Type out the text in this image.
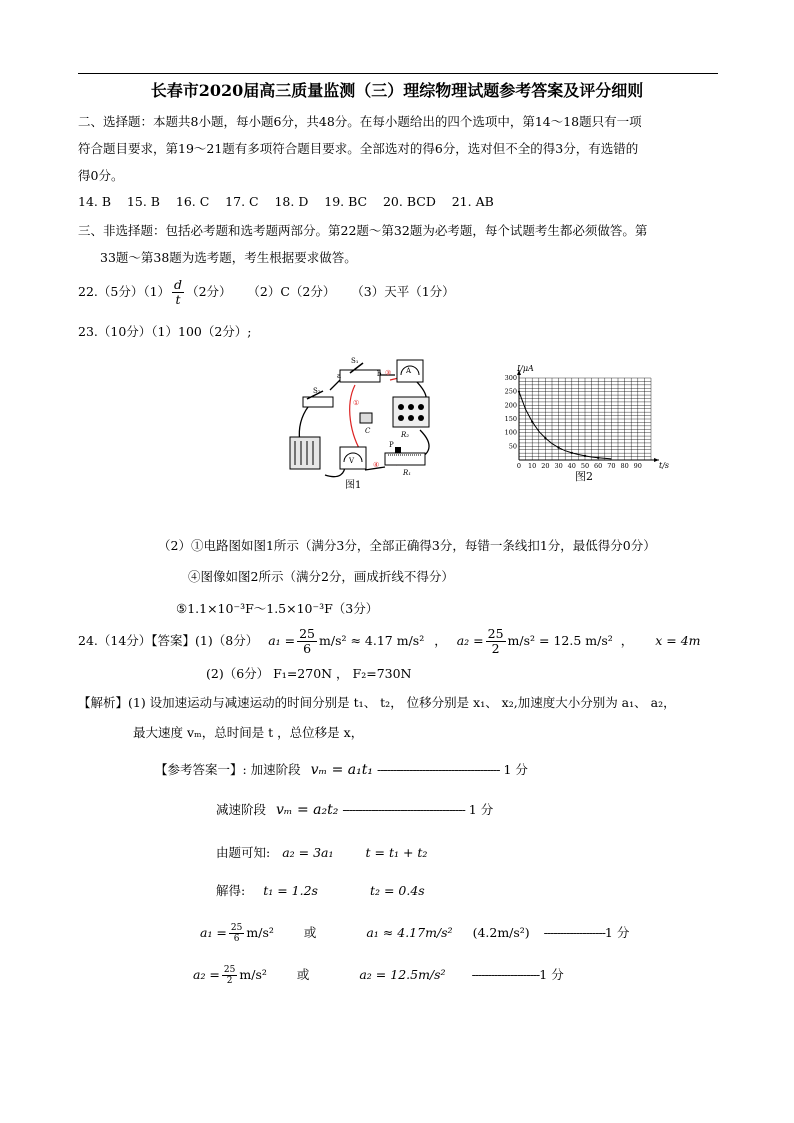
长春市2020届高三质量监测（三）理综物理试题参考答案及评分细则
二、选择题：本题共8小题，每小题6分，共48分。在每小题给出的四个选项中，第14～18题只有一项
符合题目要求，第19～21题有多项符合题目要求。全部选对的得6分，选对但不全的得3分，有选错的
得0分。
14. B    15. B    16. C    17. C    18. D    19. BC    20. BCD    21. AB
三、非选择题：包括必考题和选考题两部分。第22题～第32题为必考题，每个试题考生都必须做答。第
33题～第38题为选考题，考生根据要求做答。
22.（5分）$(1) \frac{d}{t} (2$分）    （2）C（2分）    （3）天平（1分）
23.（10分）（1）100（2分）;
S₁
S₂
a	b
C
P
R₁
R₂
A
V
③
①
④
图1
0 10 20 30 40 50 60 70 80 90
50
100
150
200
250
300
I/μA
t/s
图2
（2）①电路图如图1所示（满分3分，全部正确得3分，每错一条线扣1分，最低得分0分）
④图像如图2所示（满分2分，画成折线不得分）
⑤1.1×10⁻³F～1.5×10⁻³F（3分）
24.（14分）【答案】(1)（8分） $a_1 = \frac{25}{6} m/s^2 \approx 4.17$ m/s² ， $a_2 = \frac{25}{2} m/s^2 = 12.5$ m/s² ， x = 4m
(2)（6分） F₁=270N ， F₂=730N
【解析】(1) 设加速运动与减速运动的时间分别是 t₁、 t₂， 位移分别是 x₁、 x₂,加速度大小分别为 a₁、 a₂，
最大速度 vₘ，总时间是 t ，总位移是 x，
【参考答案一】: 加速阶段 vₘ = a₁t₁ -------------------------------------- 1 分
减速阶段 vₘ = a₂t₂ -------------------------------------- 1 分
由题可知: a₂ = 3a₁	t = t₁ + t₂
解得: t₁ = 1.2s	t₂ = 0.4s
$a_1 = \frac{25}{6} m/s^2$ 或	a₁ ≈ 4.17m/s² (4.2m/s²) -------------------1 分
$a_2 = \frac{25}{2} m/s^2$ 或	a₂ = 12.5m/s² ---------------------1 分
